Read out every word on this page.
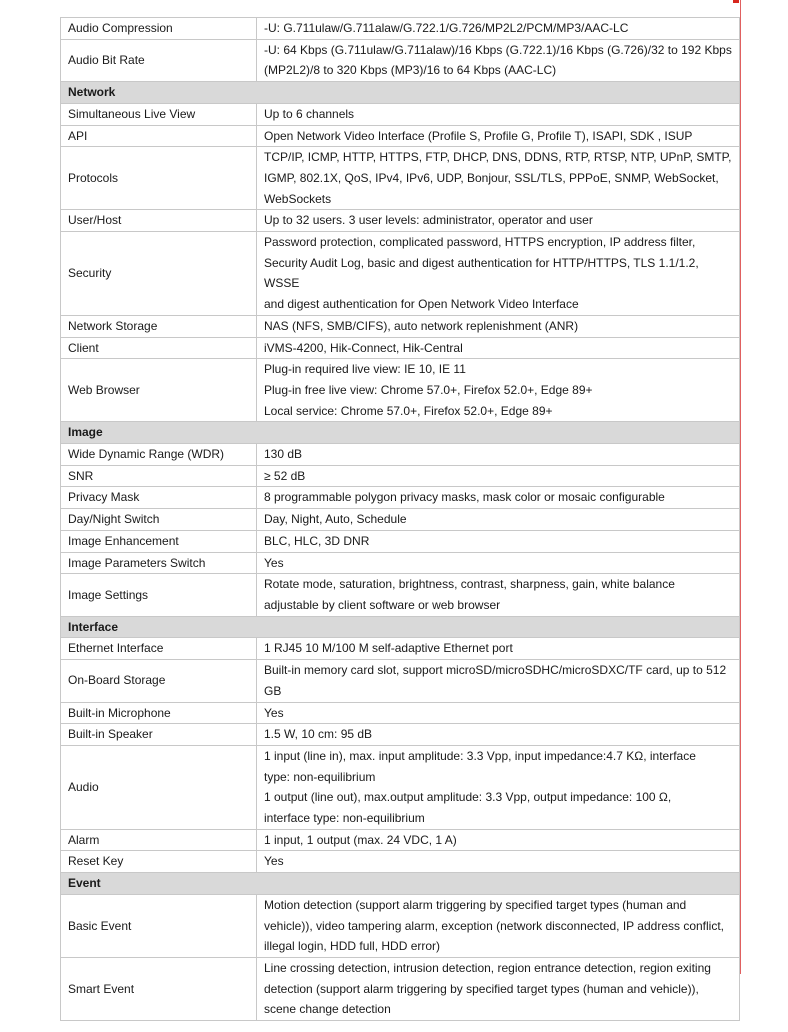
Audio Compression	-U: G.711ulaw/G.711alaw/G.722.1/G.726/MP2L2/PCM/MP3/AAC-LC
Audio Bit Rate	-U: 64 Kbps (G.711ulaw/G.711alaw)/16 Kbps (G.722.1)/16 Kbps (G.726)/32 to 192 Kbps
(MP2L2)/8 to 320 Kbps (MP3)/16 to 64 Kbps (AAC-LC)
Network	
Simultaneous Live View	Up to 6 channels
API	Open Network Video Interface (Profile S, Profile G, Profile T), ISAPI, SDK , ISUP
Protocols	TCP/IP, ICMP, HTTP, HTTPS, FTP, DHCP, DNS, DDNS, RTP, RTSP, NTP, UPnP, SMTP,
IGMP, 802.1X, QoS, IPv4, IPv6, UDP, Bonjour, SSL/TLS, PPPoE, SNMP, WebSocket,
WebSockets
User/Host	Up to 32 users. 3 user levels: administrator, operator and user
Security	Password protection, complicated password, HTTPS encryption, IP address filter,
Security Audit Log, basic and digest authentication for HTTP/HTTPS, TLS 1.1/1.2, WSSE
and digest authentication for Open Network Video Interface
Network Storage	NAS (NFS, SMB/CIFS), auto network replenishment (ANR)
Client	iVMS-4200, Hik-Connect, Hik-Central
Web Browser	Plug-in required live view: IE 10, IE 11
Plug-in free live view: Chrome 57.0+, Firefox 52.0+, Edge 89+
Local service: Chrome 57.0+, Firefox 52.0+, Edge 89+
Image	
Wide Dynamic Range (WDR)	130 dB
SNR	≥ 52 dB
Privacy Mask	8 programmable polygon privacy masks, mask color or mosaic configurable
Day/Night Switch	Day, Night, Auto, Schedule
Image Enhancement	BLC, HLC, 3D DNR
Image Parameters Switch	Yes
Image Settings	Rotate mode, saturation, brightness, contrast, sharpness, gain, white balance
adjustable by client software or web browser
Interface	
Ethernet Interface	1 RJ45 10 M/100 M self-adaptive Ethernet port
On-Board Storage	Built-in memory card slot, support microSD/microSDHC/microSDXC/TF card, up to 512
GB
Built-in Microphone	Yes
Built-in Speaker	1.5 W, 10 cm: 95 dB
Audio	1 input (line in), max. input amplitude: 3.3 Vpp, input impedance:4.7 KΩ, interface
type: non-equilibrium
1 output (line out), max.output amplitude: 3.3 Vpp, output impedance: 100 Ω,
interface type: non-equilibrium
Alarm	1 input, 1 output (max. 24 VDC, 1 A)
Reset Key	Yes
Event	
Basic Event	Motion detection (support alarm triggering by specified target types (human and
vehicle)), video tampering alarm, exception (network disconnected, IP address conflict,
illegal login, HDD full, HDD error)
Smart Event	Line crossing detection, intrusion detection, region entrance detection, region exiting
detection (support alarm triggering by specified target types (human and vehicle)),
scene change detection
